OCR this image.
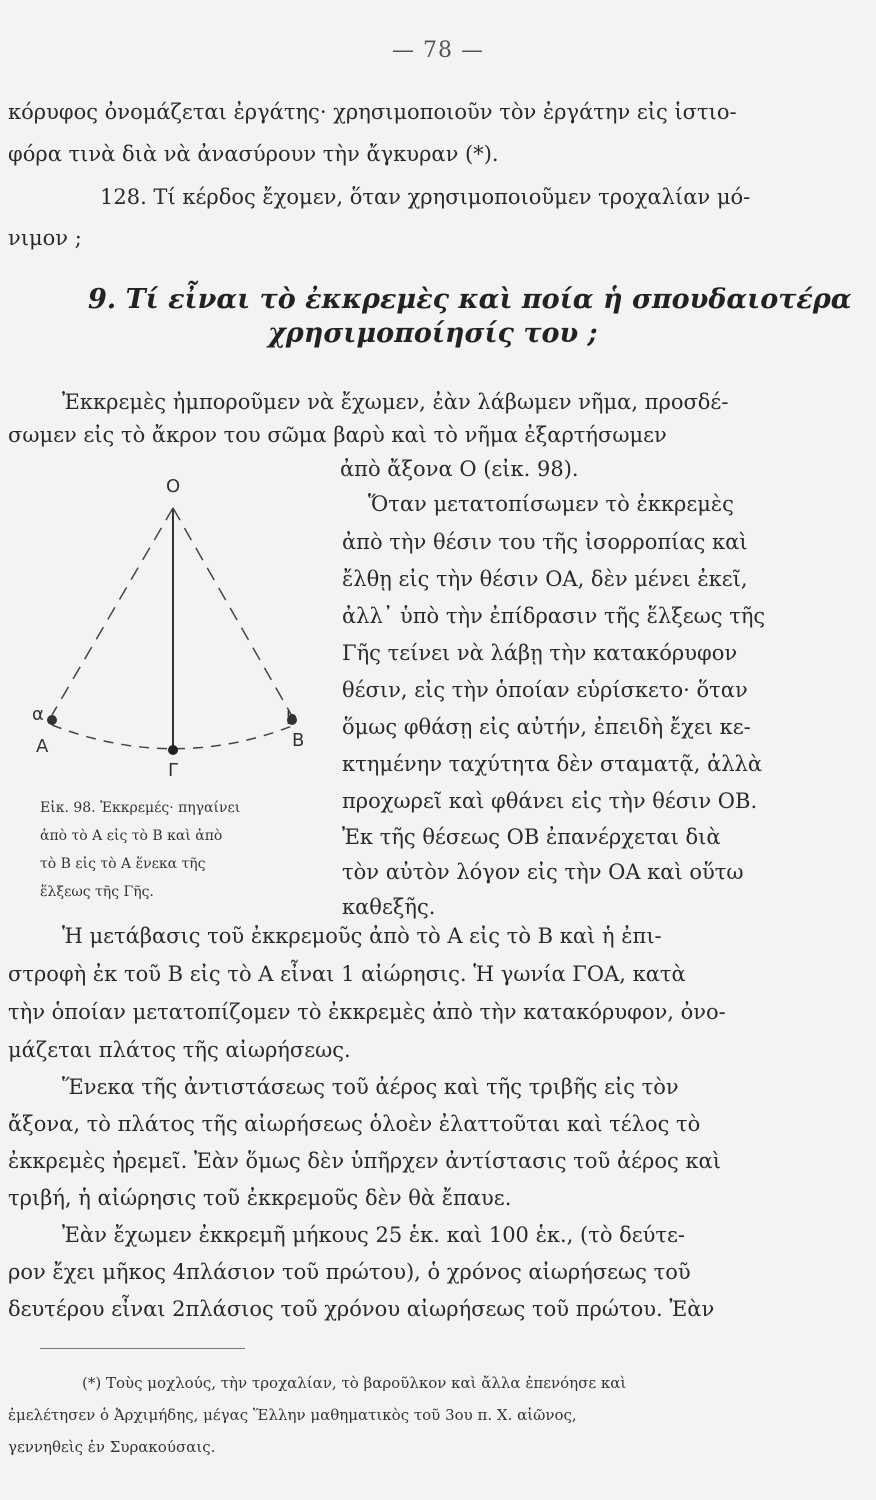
— 78 —
κόρυφος ὀνομάζεται ἐργάτης· χρησιμοποιοῦν τὸν ἐργάτην εἰς ἱστιο-
φόρα τινὰ διὰ νὰ ἀνασύρουν τὴν ἄγκυραν (*).
128. Τί κέρδος ἔχομεν, ὅταν χρησιμοποιοῦμεν τροχαλίαν μό-
νιμον ;
9. Τί εἶναι τὸ ἐκκρεμὲς καὶ ποία ἡ σπουδαιοτέρα
χρησιμοποίησίς του ;
Ἐκκρεμὲς ἠμποροῦμεν νὰ ἔχωμεν, ἐὰν λάβωμεν νῆμα, προσδέ-
σωμεν εἰς τὸ ἄκρον του σῶμα βαρὺ καὶ τὸ νῆμα ἐξαρτήσωμεν
ἀπὸ ἄξονα Ο (εἰκ. 98).
Ὅταν μετατοπίσωμεν τὸ ἐκκρεμὲς
ἀπὸ τὴν θέσιν του τῆς ἰσορροπίας καὶ
ἔλθῃ εἰς τὴν θέσιν ΟΑ, δὲν μένει ἐκεῖ,
ἀλλ᾽ ὑπὸ τὴν ἐπίδρασιν τῆς ἕλξεως τῆς
Γῆς τείνει νὰ λάβῃ τὴν κατακόρυφον
θέσιν, εἰς τὴν ὁποίαν εὑρίσκετο· ὅταν
ὅμως φθάσῃ εἰς αὐτήν, ἐπειδὴ ἔχει κε-
κτημένην ταχύτητα δὲν σταματᾷ, ἀλλὰ
προχωρεῖ καὶ φθάνει εἰς τὴν θέσιν ΟΒ.
Ἐκ τῆς θέσεως ΟΒ ἐπανέρχεται διὰ
τὸν αὐτὸν λόγον εἰς τὴν ΟΑ καὶ οὕτω
καθεξῆς.
O
α
A
b
B
Γ
Εἰκ. 98. Ἐκκρεμές· πηγαίνει
ἀπὸ τὸ Α εἰς τὸ Β καὶ ἀπὸ
τὸ Β εἰς τὸ Α ἕνεκα τῆς
ἕλξεως τῆς Γῆς.
Ἡ μετάβασις τοῦ ἐκκρεμοῦς ἀπὸ τὸ Α εἰς τὸ Β καὶ ἡ ἐπι-
στροφὴ ἐκ τοῦ Β εἰς τὸ Α εἶναι 1 αἰώρησις. Ἡ γωνία ΓΟΑ, κατὰ
τὴν ὁποίαν μετατοπίζομεν τὸ ἐκκρεμὲς ἀπὸ τὴν κατακόρυφον, ὀνο-
μάζεται πλάτος τῆς αἰωρήσεως.
Ἕνεκα τῆς ἀντιστάσεως τοῦ ἀέρος καὶ τῆς τριβῆς εἰς τὸν
ἄξονα, τὸ πλάτος τῆς αἰωρήσεως ὁλοὲν ἐλαττοῦται καὶ τέλος τὸ
ἐκκρεμὲς ἠρεμεῖ. Ἐὰν ὅμως δὲν ὑπῆρχεν ἀντίστασις τοῦ ἀέρος καὶ
τριβή, ἡ αἰώρησις τοῦ ἐκκρεμοῦς δὲν θὰ ἔπαυε.
Ἐὰν ἔχωμεν ἐκκρεμῆ μήκους 25 ἑκ. καὶ 100 ἑκ., (τὸ δεύτε-
ρον ἔχει μῆκος 4πλάσιον τοῦ πρώτου), ὁ χρόνος αἰωρήσεως τοῦ
δευτέρου εἶναι 2πλάσιος τοῦ χρόνου αἰωρήσεως τοῦ πρώτου. Ἐὰν
(*) Τοὺς μοχλούς, τὴν τροχαλίαν, τὸ βαροῦλκον καὶ ἄλλα ἐπενόησε καὶ
ἐμελέτησεν ὁ Ἀρχιμήδης, μέγας Ἕλλην μαθηματικὸς τοῦ 3ου π. Χ. αἰῶνος,
γεννηθεὶς ἐν Συρακούσαις.
